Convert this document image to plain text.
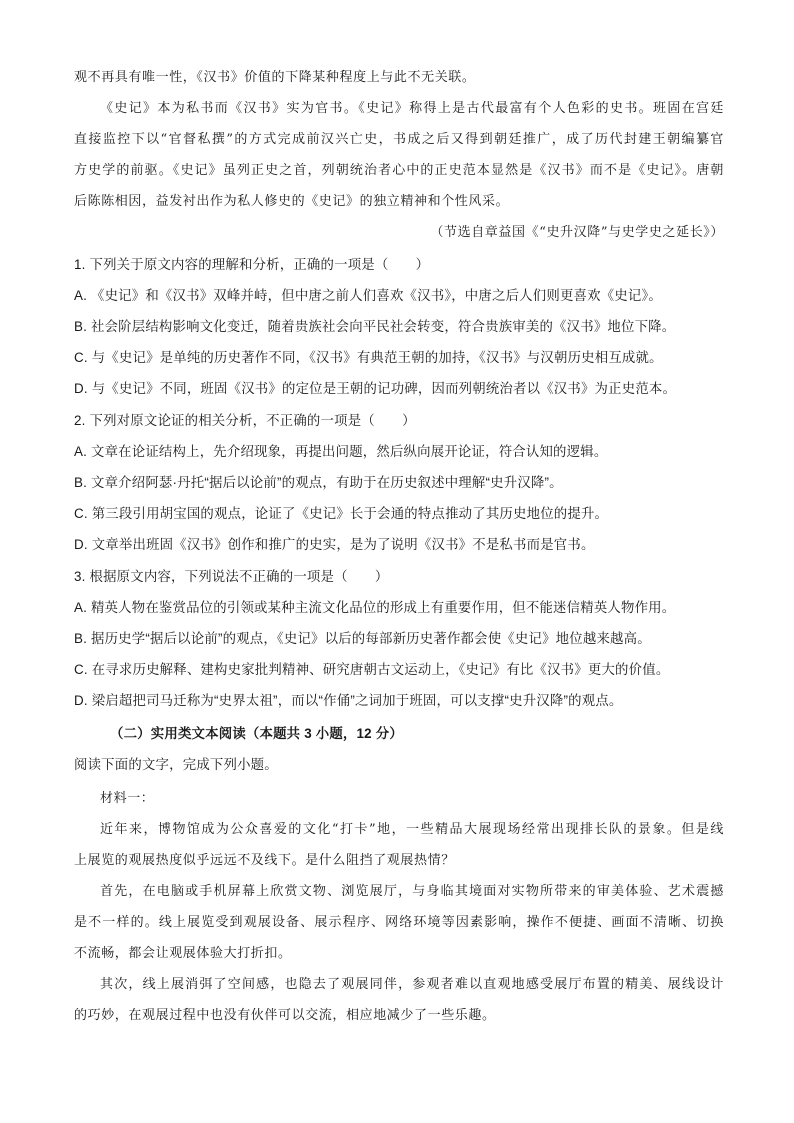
观不再具有唯一性，《汉书》价值的下降某种程度上与此不无关联。
《史记》本为私书而《汉书》实为官书。《史记》称得上是古代最富有个人色彩的史书。班固在宫廷
直接监控下以“官督私撰”的方式完成前汉兴亡史，书成之后又得到朝廷推广，成了历代封建王朝编纂官
方史学的前驱。《史记》虽列正史之首，列朝统治者心中的正史范本显然是《汉书》而不是《史记》。唐朝
后陈陈相因，益发衬出作为私人修史的《史记》的独立精神和个性风采。
（节选自章益国《“史升汉降”与史学史之延长》）
1. 下列关于原文内容的理解和分析，正确的一项是（　　）
A. 《史记》和《汉书》双峰并峙，但中唐之前人们喜欢《汉书》，中唐之后人们则更喜欢《史记》。
B. 社会阶层结构影响文化变迁，随着贵族社会向平民社会转变，符合贵族审美的《汉书》地位下降。
C. 与《史记》是单纯的历史著作不同，《汉书》有典范王朝的加持，《汉书》与汉朝历史相互成就。
D. 与《史记》不同，班固《汉书》的定位是王朝的记功碑，因而列朝统治者以《汉书》为正史范本。
2. 下列对原文论证的相关分析，不正确的一项是（　　）
A. 文章在论证结构上，先介绍现象，再提出问题，然后纵向展开论证，符合认知的逻辑。
B. 文章介绍阿瑟·丹托“据后以论前”的观点，有助于在历史叙述中理解“史升汉降”。
C. 第三段引用胡宝国的观点，论证了《史记》长于会通的特点推动了其历史地位的提升。
D. 文章举出班固《汉书》创作和推广的史实，是为了说明《汉书》不是私书而是官书。
3. 根据原文内容，下列说法不正确的一项是（　　）
A. 精英人物在鉴赏品位的引领或某种主流文化品位的形成上有重要作用，但不能迷信精英人物作用。
B. 据历史学“据后以论前”的观点，《史记》以后的每部新历史著作都会使《史记》地位越来越高。
C. 在寻求历史解释、建构史家批判精神、研究唐朝古文运动上，《史记》有比《汉书》更大的价值。
D. 梁启超把司马迁称为“史界太祖”，而以“作俑”之词加于班固，可以支撑“史升汉降”的观点。
（二）实用类文本阅读（本题共 3 小题，12 分）
阅读下面的文字，完成下列小题。
材料一：
近年来，博物馆成为公众喜爱的文化“打卡”地，一些精品大展现场经常出现排长队的景象。但是线
上展览的观展热度似乎远远不及线下。是什么阻挡了观展热情？
首先，在电脑或手机屏幕上欣赏文物、浏览展厅，与身临其境面对实物所带来的审美体验、艺术震撼
是不一样的。线上展览受到观展设备、展示程序、网络环境等因素影响，操作不便捷、画面不清晰、切换
不流畅，都会让观展体验大打折扣。
其次，线上展消弭了空间感，也隐去了观展同伴，参观者难以直观地感受展厅布置的精美、展线设计
的巧妙，在观展过程中也没有伙伴可以交流，相应地减少了一些乐趣。
